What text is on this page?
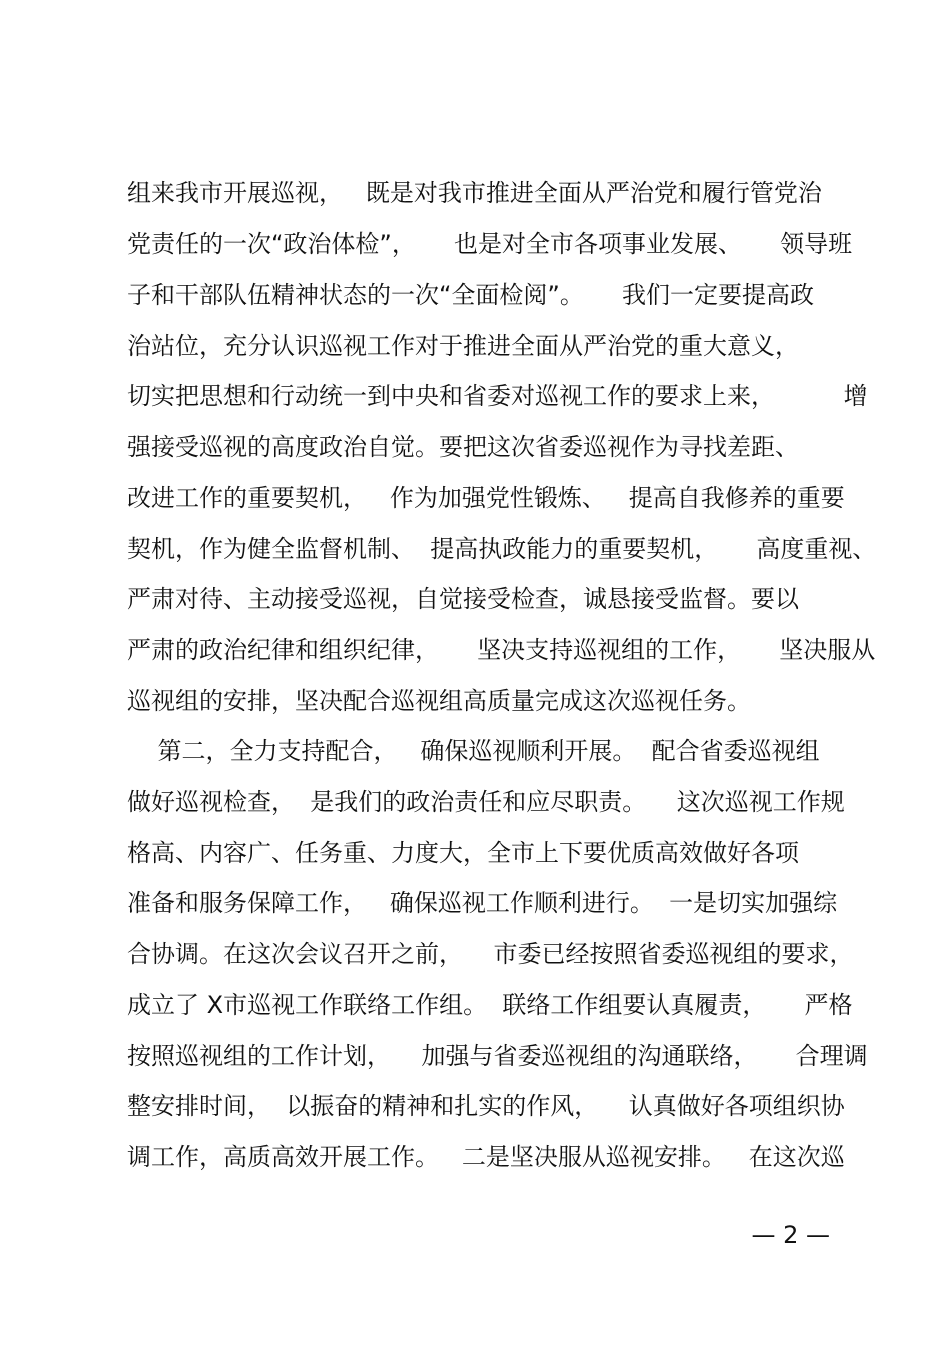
组来我市开展巡视，   既是对我市推进全面从严治党和履行管党治
党责任的一次“政治体检”，     也是对全市各项事业发展、     领导班
子和干部队伍精神状态的一次“全面检阅”。     我们一定要提高政
治站位，充分认识巡视工作对于推进全面从严治党的重大意义，
切实把思想和行动统一到中央和省委对巡视工作的要求上来，         增
强接受巡视的高度政治自觉。要把这次省委巡视作为寻找差距、
改进工作的重要契机，   作为加强党性锻炼、   提高自我修养的重要
契机，作为健全监督机制、  提高执政能力的重要契机，     高度重视、
严肃对待、主动接受巡视，自觉接受检查，诚恳接受监督。要以
严肃的政治纪律和组织纪律，     坚决支持巡视组的工作，     坚决服从
巡视组的安排，坚决配合巡视组高质量完成这次巡视任务。
第二，全力支持配合，   确保巡视顺利开展。  配合省委巡视组
做好巡视检查，  是我们的政治责任和应尽职责。    这次巡视工作规
格高、内容广、任务重、力度大，全市上下要优质高效做好各项
准备和服务保障工作，   确保巡视工作顺利进行。  一是切实加强综
合协调。在这次会议召开之前，    市委已经按照省委巡视组的要求，
成立了 X市巡视工作联络工作组。  联络工作组要认真履责，     严格
按照巡视组的工作计划，    加强与省委巡视组的沟通联络，     合理调
整安排时间，  以振奋的精神和扎实的作风，    认真做好各项组织协
调工作，高质高效开展工作。   二是坚决服从巡视安排。   在这次巡
— 2 —
